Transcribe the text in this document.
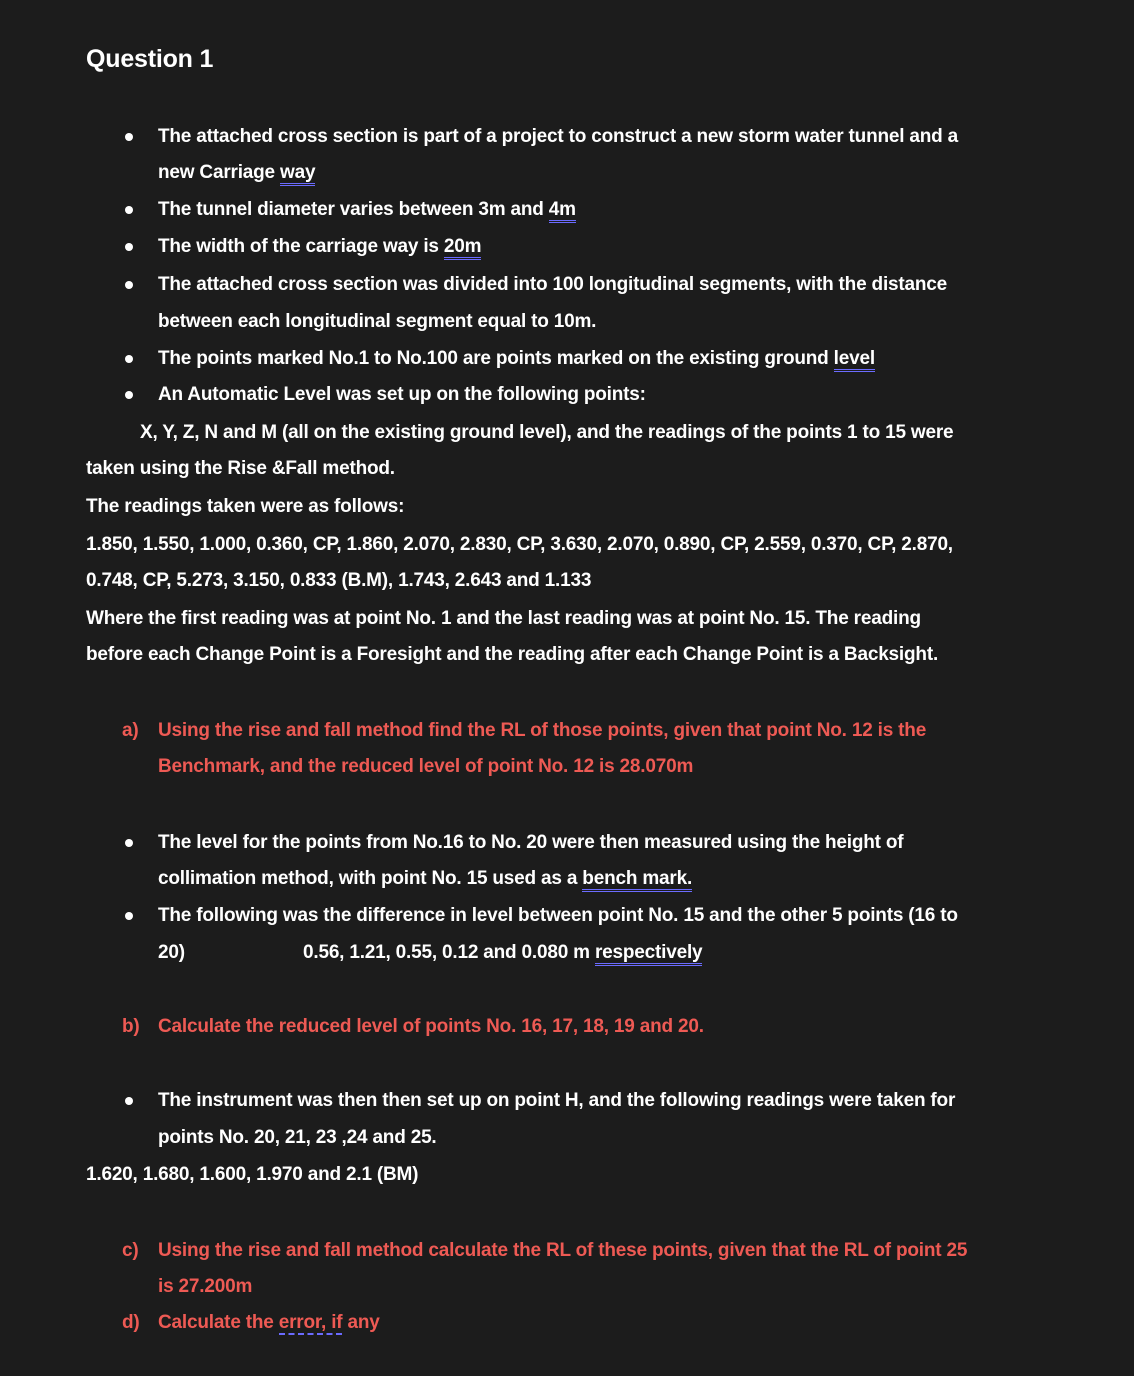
Question 1
The attached cross section is part of a project to construct a new storm water tunnel and a
new Carriage way
The tunnel diameter varies between 3m and 4m
The width of the carriage way is 20m
The attached cross section was divided into 100 longitudinal segments, with the distance
between each longitudinal segment equal to 10m.
The points marked No.1 to No.100 are points marked on the existing ground level
An Automatic Level was set up on the following points:
X, Y, Z, N and M (all on the existing ground level), and the readings of the points 1 to 15 were
taken using the Rise &Fall method.
The readings taken were as follows:
1.850, 1.550, 1.000, 0.360, CP, 1.860, 2.070, 2.830, CP, 3.630, 2.070, 0.890, CP, 2.559, 0.370, CP, 2.870,
0.748, CP, 5.273, 3.150, 0.833 (B.M), 1.743, 2.643 and 1.133
Where the first reading was at point No. 1 and the last reading was at point No. 15. The reading
before each Change Point is a Foresight and the reading after each Change Point is a Backsight.
a) Using the rise and fall method find the RL of those points, given that point No. 12 is the
Benchmark, and the reduced level of point No. 12 is 28.070m
The level for the points from No.16 to No. 20 were then measured using the height of
collimation method, with point No. 15 used as a bench mark.
The following was the difference in level between point No. 15 and the other 5 points (16 to
20)	0.56, 1.21, 0.55, 0.12 and 0.080 m respectively
b) Calculate the reduced level of points No. 16, 17, 18, 19 and 20.
The instrument was then then set up on point H, and the following readings were taken for
points No. 20, 21, 23 ,24 and 25.
1.620, 1.680, 1.600, 1.970 and 2.1 (BM)
c) Using the rise and fall method calculate the RL of these points, given that the RL of point 25
is 27.200m
d) Calculate the error, if any
